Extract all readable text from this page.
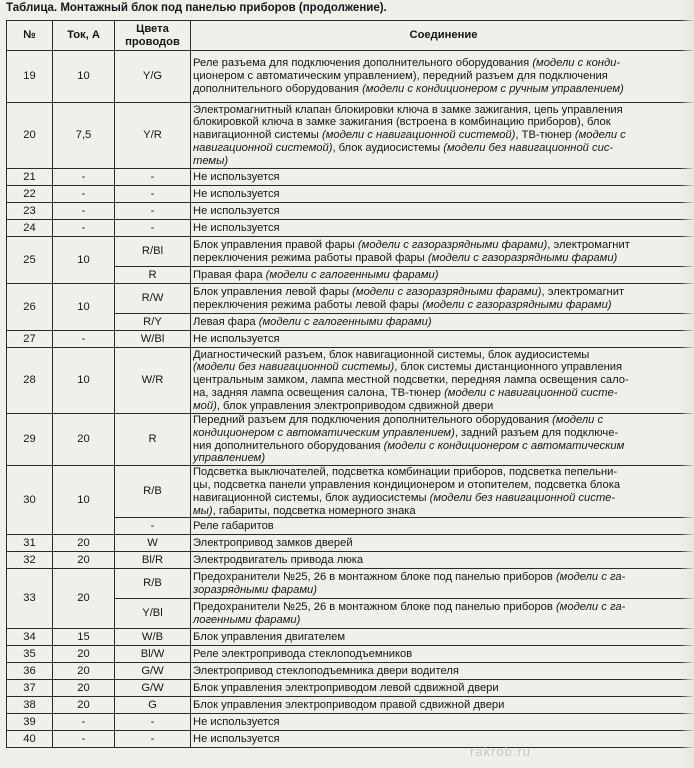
Таблица. Монтажный блок под панелью приборов (продолжение).
№	Ток, А	Цвета проводов	Соединение
19	10	Y/G	Реле разъема для подключения дополнительного оборудования (модели с конди-
ционером с автоматическим управлением), передний разъем для подключения
дополнительного оборудования (модели с кондиционером с ручным управлением)
20	7,5	Y/R	Электромагнитный клапан блокировки ключа в замке зажигания, цепь управления
блокировкой ключа в замке зажигания (встроена в комбинацию приборов), блок
навигационной системы (модели с навигационной системой), ТВ-тюнер (модели с
навигационной системой), блок аудиосистемы (модели без навигационной сис-
темы)
21	-	-	Не используется
22	-	-	Не используется
23	-	-	Не используется
24	-	-	Не используется
25	10	R/Bl	Блок управления правой фары (модели с газоразрядными фарами), электромагнит
переключения режима работы правой фары (модели с газоразрядными фарами)
		R	Правая фара (модели с галогенными фарами)
26	10	R/W	Блок управления левой фары (модели с газоразрядными фарами), электромагнит
переключения режима работы левой фары (модели с газоразрядными фарами)
		R/Y	Левая фара (модели с галогенными фарами)
27	-	W/Bl	Не используется
28	10	W/R	Диагностический разъем, блок навигационной системы, блок аудиосистемы
(модели без навигационной системы), блок системы дистанционного управления
центральным замком, лампа местной подсветки, передняя лампа освещения сало-
на, задняя лампа освещения салона, ТВ-тюнер (модели с навигационной систе-
мой), блок управления электроприводом сдвижной двери
29	20	R	Передний разъем для подключения дополнительного оборудования (модели с
кондиционером с автоматическим управлением), задний разъем для подключе-
ния дополнительного оборудования (модели с кондиционером с автоматическим
управлением)
30	10	R/B	Подсветка выключателей, подсветка комбинации приборов, подсветка пепельни-
цы, подсветка панели управления кондиционером и отопителем, подсветка блока
навигационной системы, блок аудиосистемы (модели без навигационной систе-
мы), габариты, подсветка номерного знака
		-	Реле габаритов
31	20	W	Электропривод замков дверей
32	20	Bl/R	Электродвигатель привода люка
33	20	R/B	Предохранители №25, 26 в монтажном блоке под панелью приборов (модели с га-
зоразрядными фарами)
		Y/Bl	Предохранители №25, 26 в монтажном блоке под панелью приборов (модели с га-
логенными фарами)
34	15	W/B	Блок управления двигателем
35	20	Bl/W	Реле электропривода стеклоподъемников
36	20	G/W	Электропривод стеклоподъемника двери водителя
37	20	G/W	Блок управления электроприводом левой сдвижной двери
38	20	G	Блок управления электроприводом правой сдвижной двери
39	-	-	Не используется
40	-	-	Не используется
rakrob.ru
